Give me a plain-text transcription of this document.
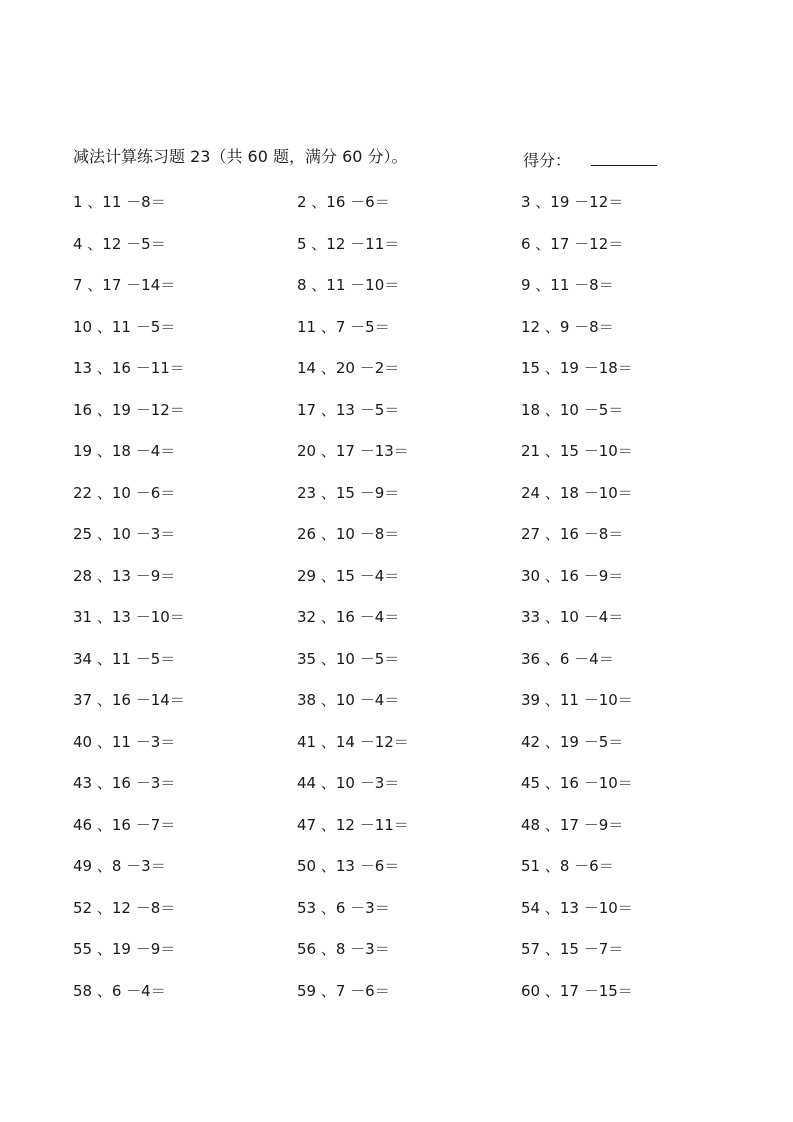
减法计算练习题 23（共 60 题，满分 60 分）。	得分：
1 、11 －8＝	2 、16 －6＝	3 、19 －12＝
4 、12 －5＝	5 、12 －11＝	6 、17 －12＝
7 、17 －14＝	8 、11 －10＝	9 、11 －8＝
10 、11 －5＝	11 、7 －5＝	12 、9 －8＝
13 、16 －11＝	14 、20 －2＝	15 、19 －18＝
16 、19 －12＝	17 、13 －5＝	18 、10 －5＝
19 、18 －4＝	20 、17 －13＝	21 、15 －10＝
22 、10 －6＝	23 、15 －9＝	24 、18 －10＝
25 、10 －3＝	26 、10 －8＝	27 、16 －8＝
28 、13 －9＝	29 、15 －4＝	30 、16 －9＝
31 、13 －10＝	32 、16 －4＝	33 、10 －4＝
34 、11 －5＝	35 、10 －5＝	36 、6 －4＝
37 、16 －14＝	38 、10 －4＝	39 、11 －10＝
40 、11 －3＝	41 、14 －12＝	42 、19 －5＝
43 、16 －3＝	44 、10 －3＝	45 、16 －10＝
46 、16 －7＝	47 、12 －11＝	48 、17 －9＝
49 、8 －3＝	50 、13 －6＝	51 、8 －6＝
52 、12 －8＝	53 、6 －3＝	54 、13 －10＝
55 、19 －9＝	56 、8 －3＝	57 、15 －7＝
58 、6 －4＝	59 、7 －6＝	60 、17 －15＝
